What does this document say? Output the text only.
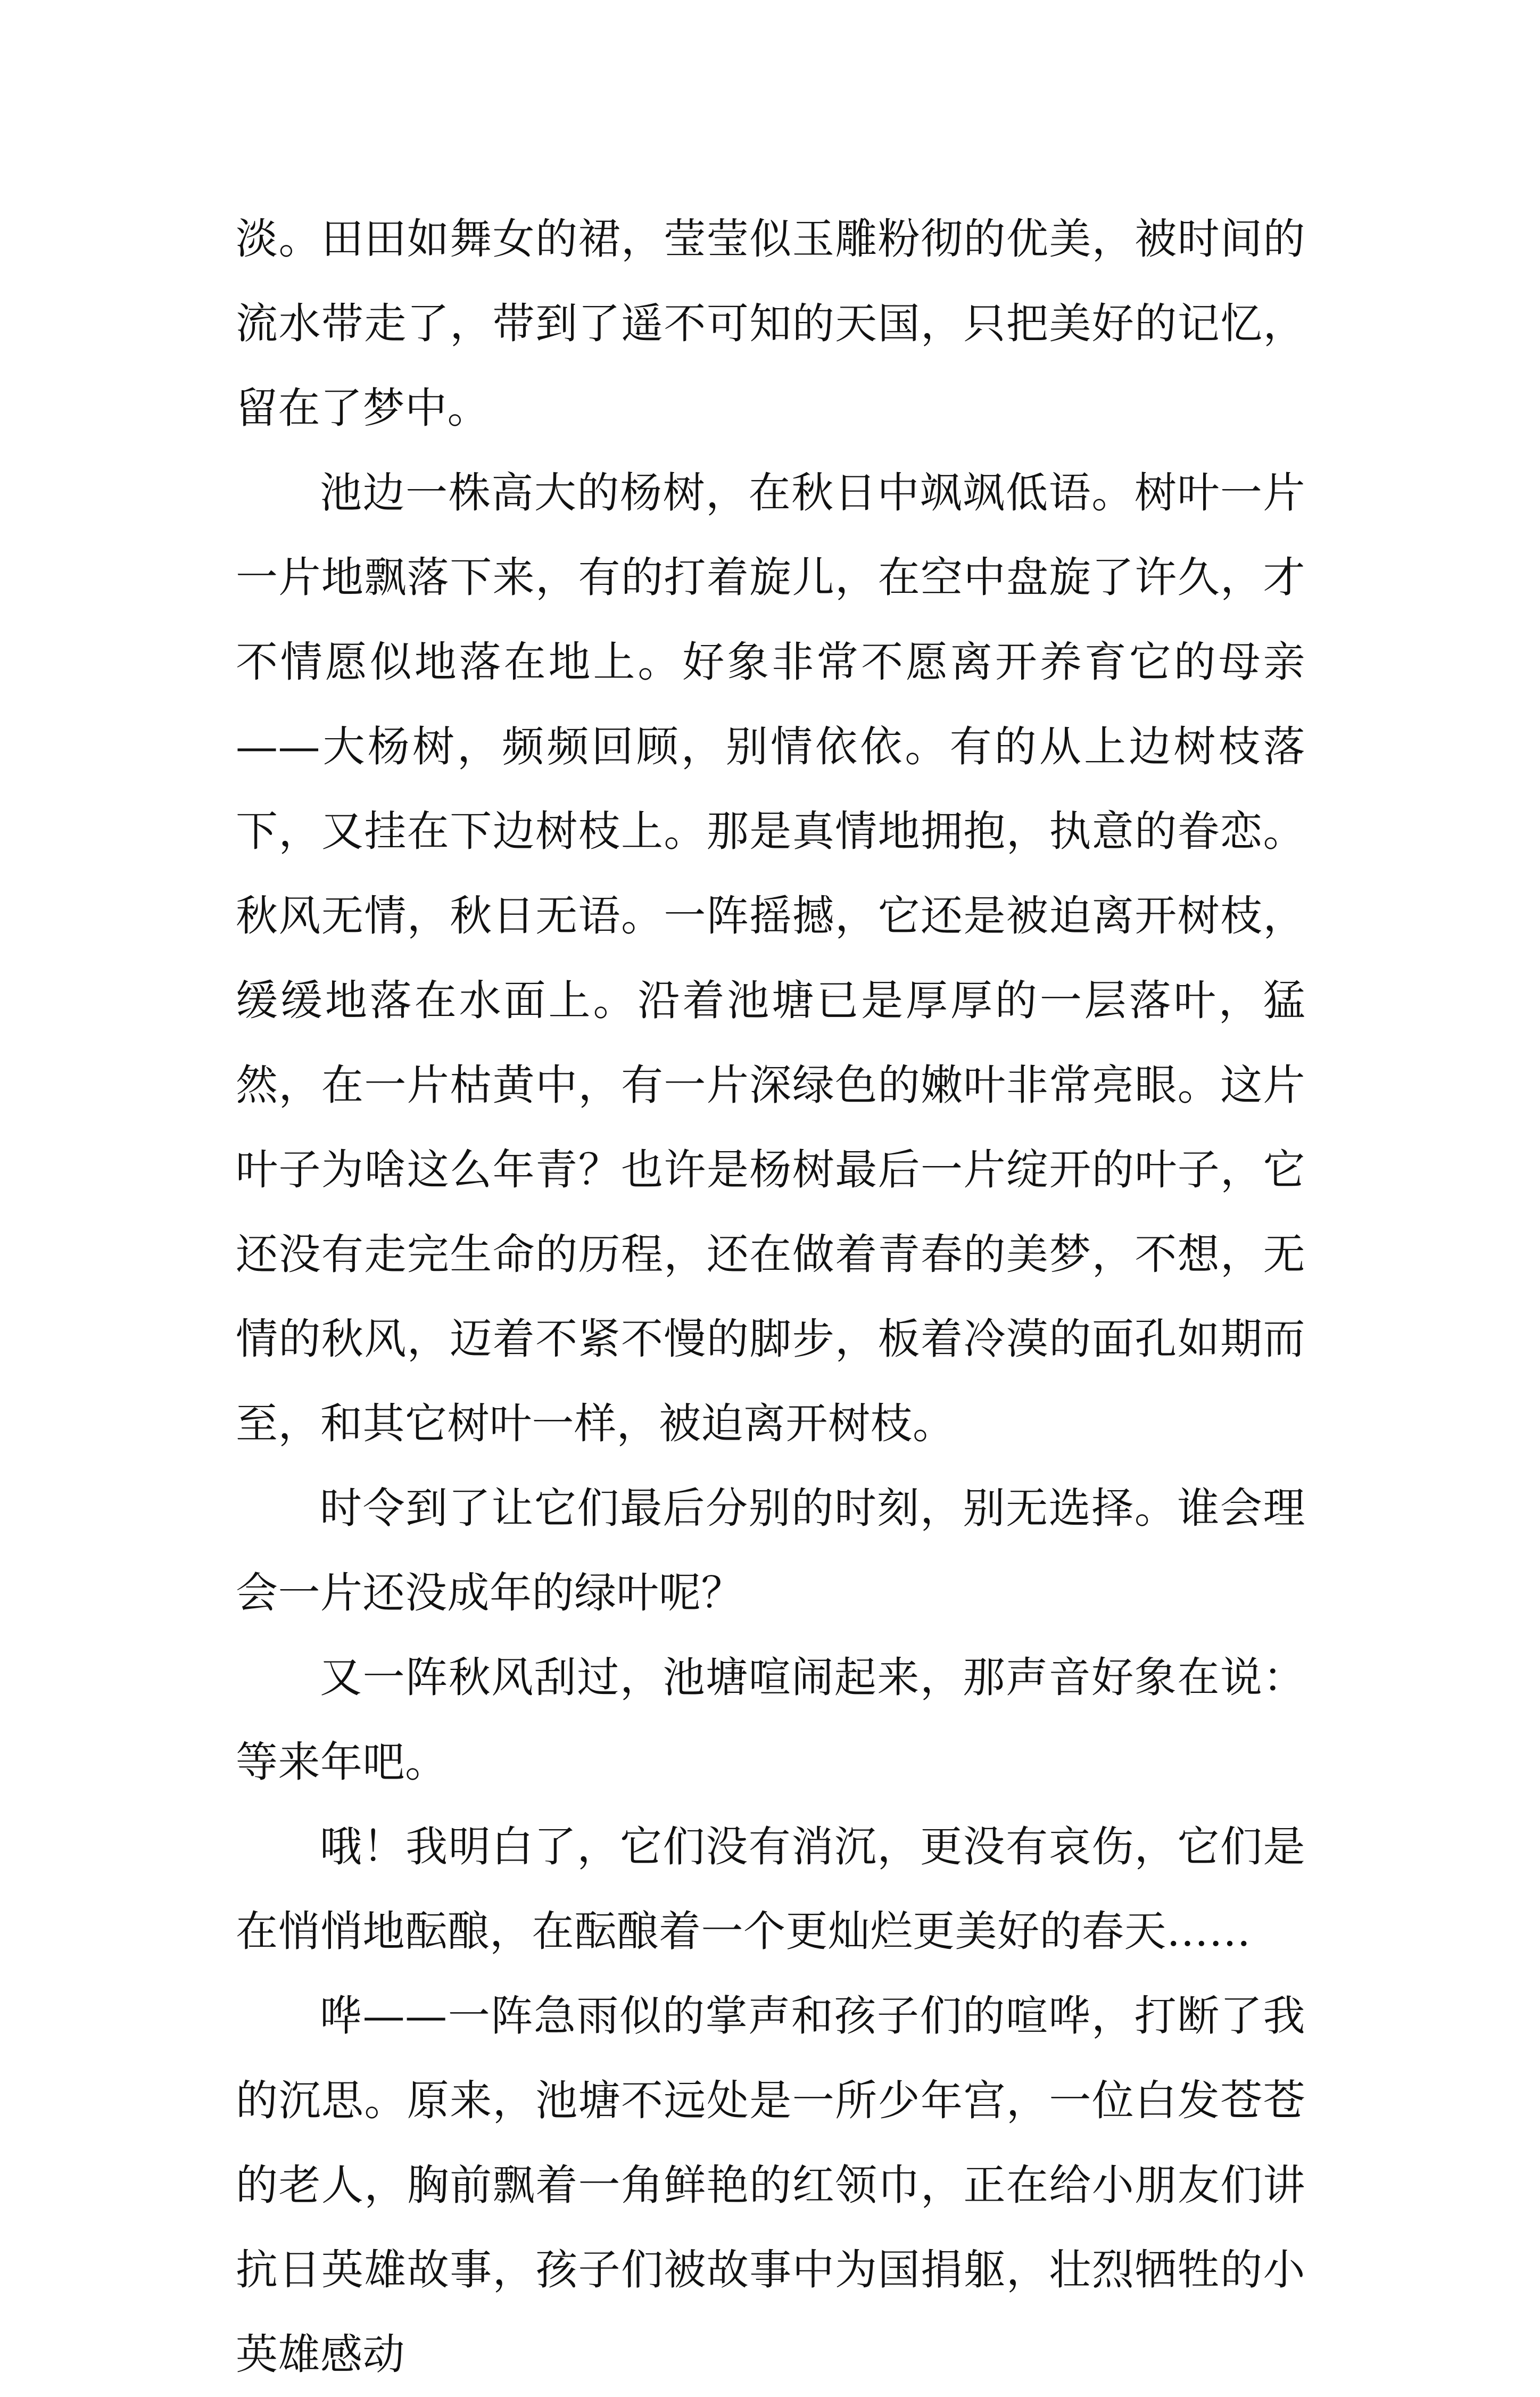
淡。田田如舞女的裙，莹莹似玉雕粉彻的优美，被时间的流水带走了，带到了遥不可知的天国，只把美好的记忆，留在了梦中。

池边一株高大的杨树，在秋日中飒飒低语。树叶一片一片地飘落下来，有的打着旋儿，在空中盘旋了许久，才不情愿似地落在地上。好象非常不愿离开养育它的母亲——大杨树，频频回顾，别情依依。有的从上边树枝落下，又挂在下边树枝上。那是真情地拥抱，执意的眷恋。秋风无情，秋日无语。一阵摇撼，它还是被迫离开树枝，缓缓地落在水面上。沿着池塘已是厚厚的一层落叶，猛然，在一片枯黄中，有一片深绿色的嫩叶非常亮眼。这片叶子为啥这么年青？也许是杨树最后一片绽开的叶子，它还没有走完生命的历程，还在做着青春的美梦，不想，无情的秋风，迈着不紧不慢的脚步，板着冷漠的面孔如期而至，和其它树叶一样，被迫离开树枝。

时令到了让它们最后分别的时刻，别无选择。谁会理会一片还没成年的绿叶呢？

又一阵秋风刮过，池塘喧闹起来，那声音好象在说：等来年吧。

哦！我明白了，它们没有消沉，更没有哀伤，它们是在悄悄地酝酿，在酝酿着一个更灿烂更美好的春天……

哗——一阵急雨似的掌声和孩子们的喧哗，打断了我的沉思。原来，池塘不远处是一所少年宫，一位白发苍苍的老人，胸前飘着一角鲜艳的红领巾，正在给小朋友们讲抗日英雄故事，孩子们被故事中为国捐躯，壮烈牺牲的小英雄感动
